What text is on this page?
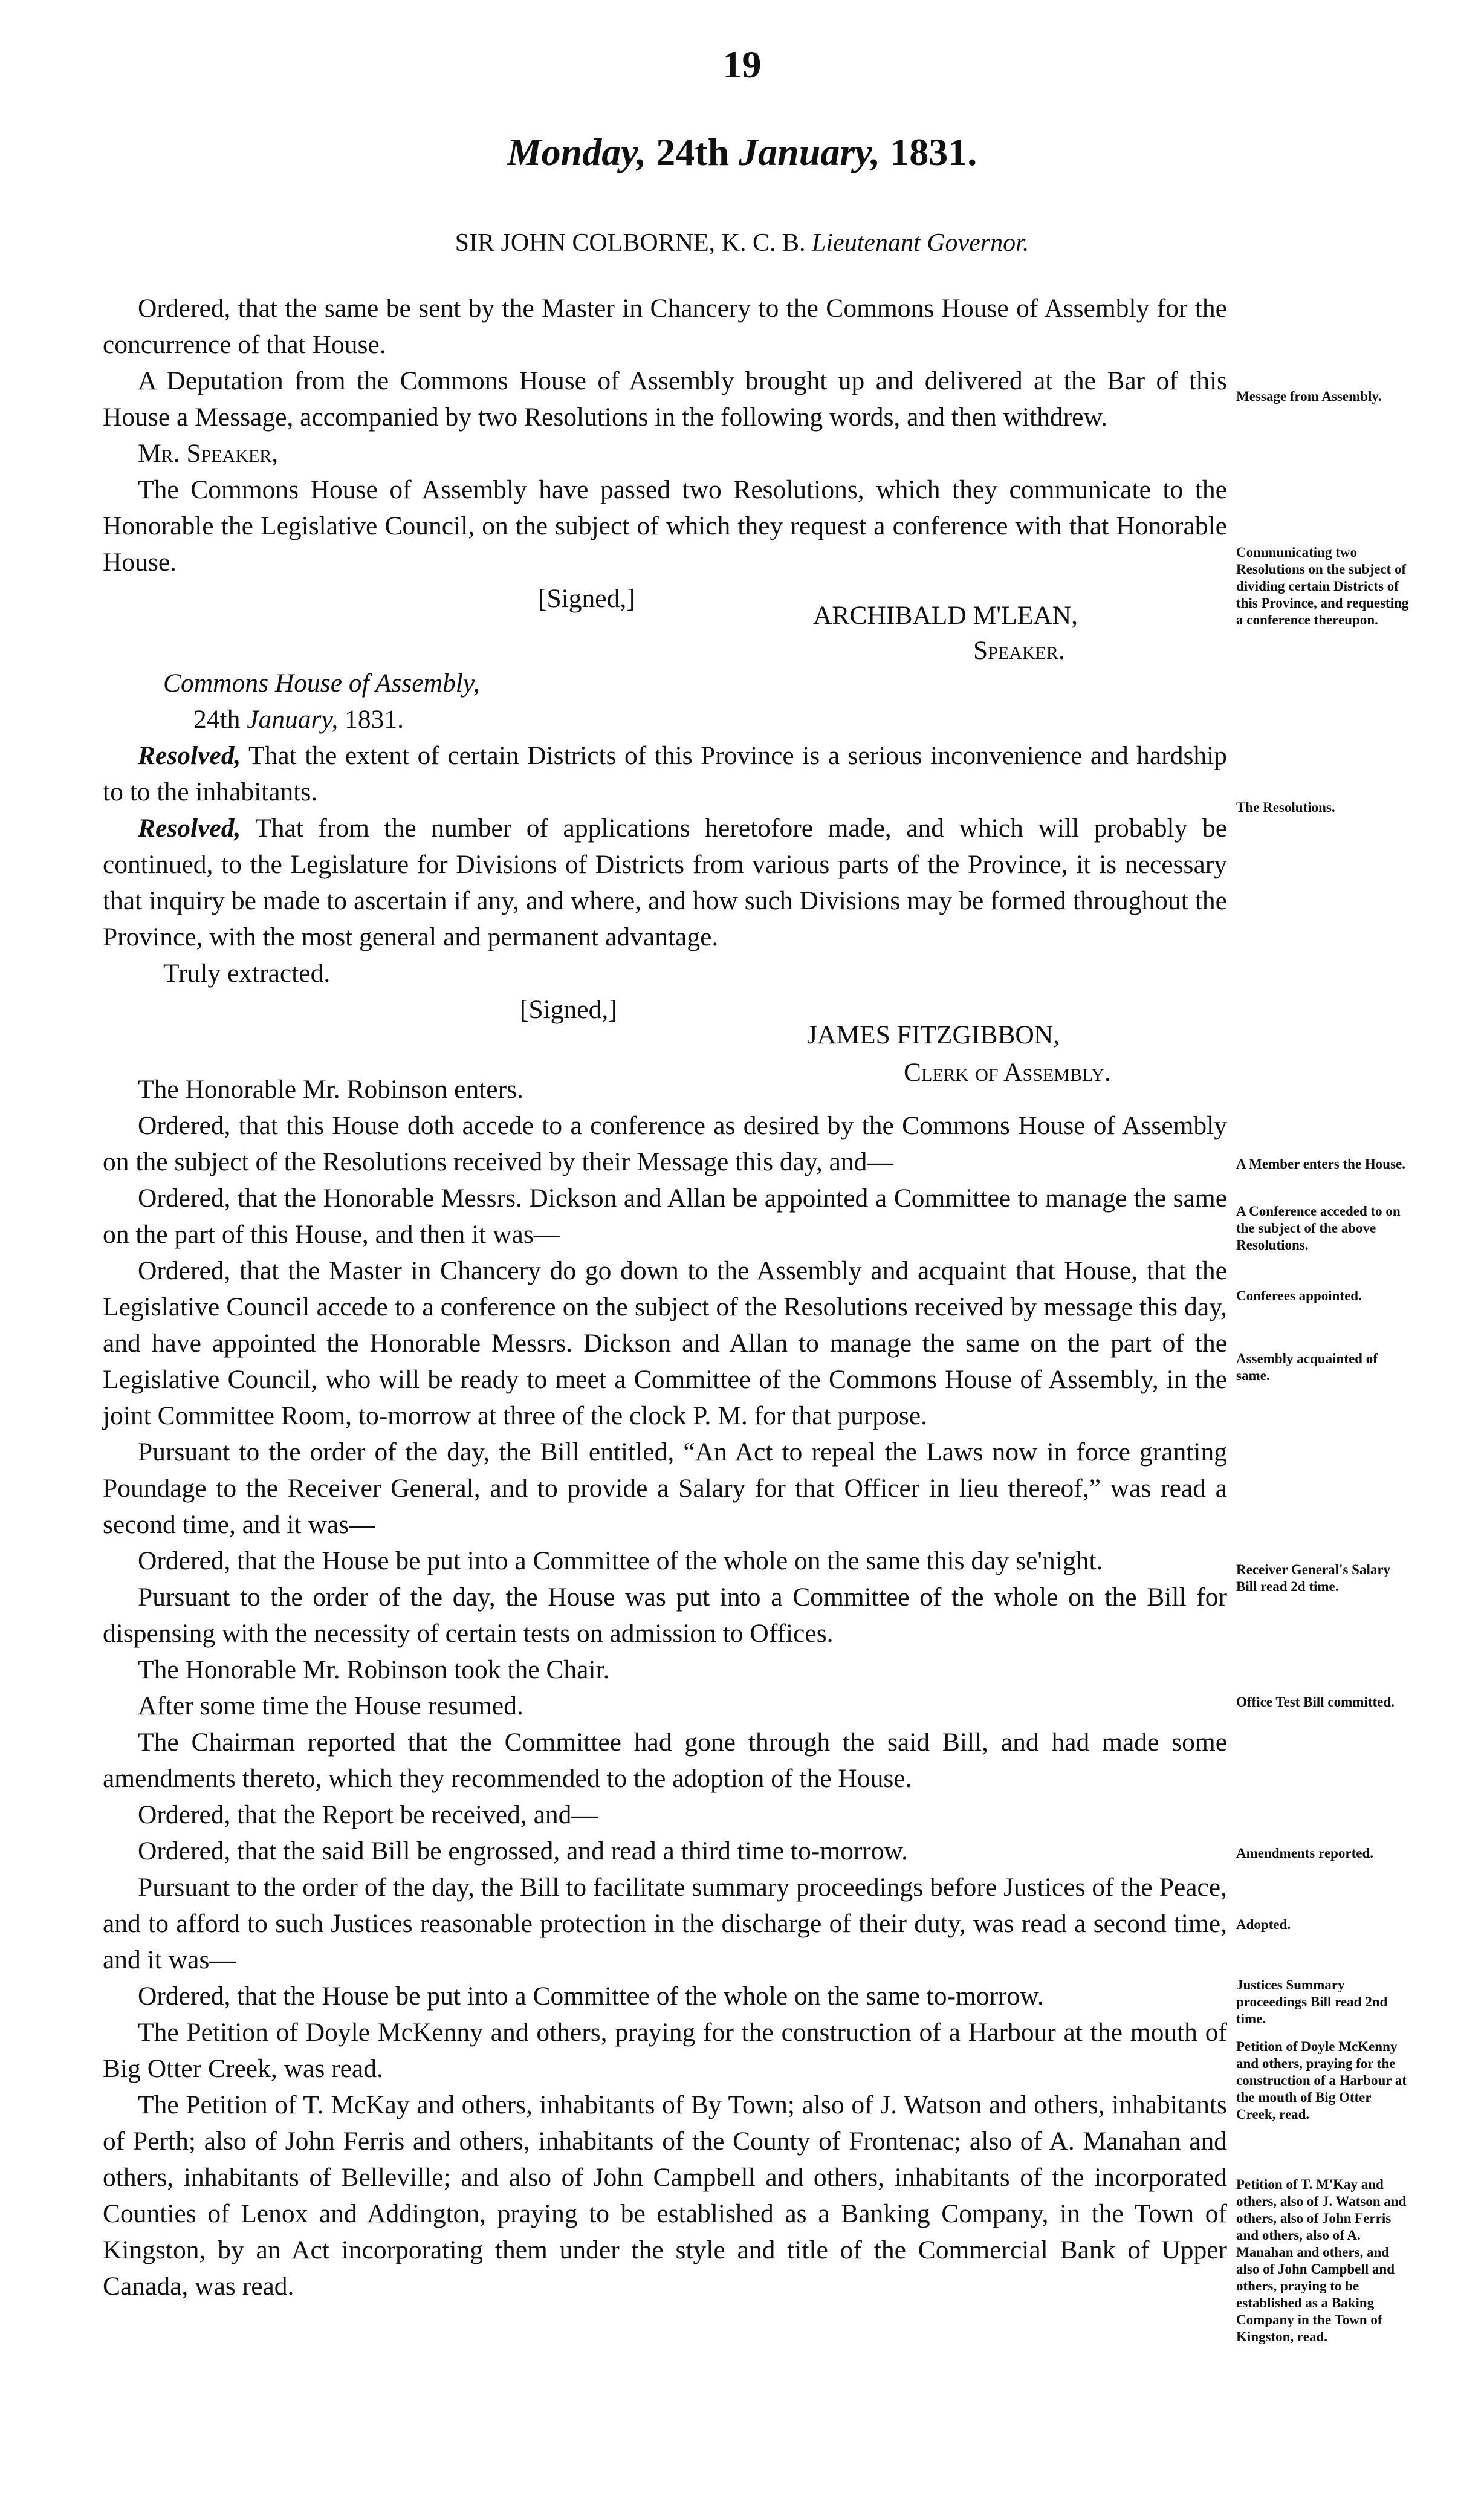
19
Monday, 24th January, 1831.
SIR JOHN COLBORNE, K. C. B. Lieutenant Governor.

Ordered, that the same be sent by the Master in Chancery to the Commons House of Assembly for the concurrence of that House.

A Deputation from the Commons House of Assembly brought up and delivered at the Bar of this House a Message, accompanied by two Resolutions in the following words, and then withdrew.

Mr. Speaker,

The Commons House of Assembly have passed two Resolutions, which they communicate to the Honorable the Legislative Council, on the subject of which they request a conference with that Honorable House.

[Signed,]
ARCHIBALD M'LEAN,
Speaker.

Commons House of Assembly,

24th January, 1831.

Resolved, That the extent of certain Districts of this Province is a serious inconvenience and hardship to to the inhabitants.

Resolved, That from the number of applications heretofore made, and which will probably be continued, to the Legislature for Divisions of Districts from various parts of the Province, it is necessary that inquiry be made to ascertain if any, and where, and how such Divisions may be formed throughout the Province, with the most general and permanent advantage.

Truly extracted.

[Signed,]
JAMES FITZGIBBON,
Clerk of Assembly.

The Honorable Mr. Robinson enters.

Ordered, that this House doth accede to a conference as desired by the Commons House of Assembly on the subject of the Resolutions received by their Message this day, and—

Ordered, that the Honorable Messrs. Dickson and Allan be appointed a Committee to manage the same on the part of this House, and then it was—

Ordered, that the Master in Chancery do go down to the Assembly and acquaint that House, that the Legislative Council accede to a conference on the subject of the Resolutions received by message this day, and have appointed the Honorable Messrs. Dickson and Allan to manage the same on the part of the Legislative Council, who will be ready to meet a Committee of the Commons House of Assembly, in the joint Committee Room, to-morrow at three of the clock P. M. for that purpose.

Pursuant to the order of the day, the Bill entitled, “An Act to repeal the Laws now in force granting Poundage to the Receiver General, and to provide a Salary for that Officer in lieu thereof,” was read a second time, and it was—

Ordered, that the House be put into a Committee of the whole on the same this day se'night.

Pursuant to the order of the day, the House was put into a Committee of the whole on the Bill for dispensing with the necessity of certain tests on admission to Offices.

The Honorable Mr. Robinson took the Chair.

After some time the House resumed.

The Chairman reported that the Committee had gone through the said Bill, and had made some amendments thereto, which they recommended to the adoption of the House.

Ordered, that the Report be received, and—

Ordered, that the said Bill be engrossed, and read a third time to-morrow.

Pursuant to the order of the day, the Bill to facilitate summary proceedings before Justices of the Peace, and to afford to such Justices reasonable protection in the discharge of their duty, was read a second time, and it was—

Ordered, that the House be put into a Committee of the whole on the same to-morrow.

The Petition of Doyle McKenny and others, praying for the construction of a Harbour at the mouth of Big Otter Creek, was read.

The Petition of T. McKay and others, inhabitants of By Town; also of J. Watson and others, inhabitants of Perth; also of John Ferris and others, inhabitants of the County of Frontenac; also of A. Manahan and others, inhabitants of Belleville; and also of John Campbell and others, inhabitants of the incorporated Counties of Lenox and Addington, praying to be established as a Banking Company, in the Town of Kingston, by an Act incorporating them under the style and title of the Commercial Bank of Upper Canada, was read.

Message from Assembly.
Communicating two Resolutions on the subject of dividing certain Districts of this Province, and requesting a conference thereupon.
The Resolutions.
A Member enters the House.
A Conference acceded to on the subject of the above Resolutions.
Conferees appointed.
Assembly acquainted of same.
Receiver General's Salary Bill read 2d time.
Office Test Bill committed.
Amendments reported.
Adopted.
Justices Summary proceedings Bill read 2nd time.
Petition of Doyle McKenny and others, praying for the construction of a Harbour at the mouth of Big Otter Creek, read.
Petition of T. M'Kay and others, also of J. Watson and others, also of John Ferris and others, also of A. Manahan and others, and also of John Campbell and others, praying to be established as a Baking Company in the Town of Kingston, read.
